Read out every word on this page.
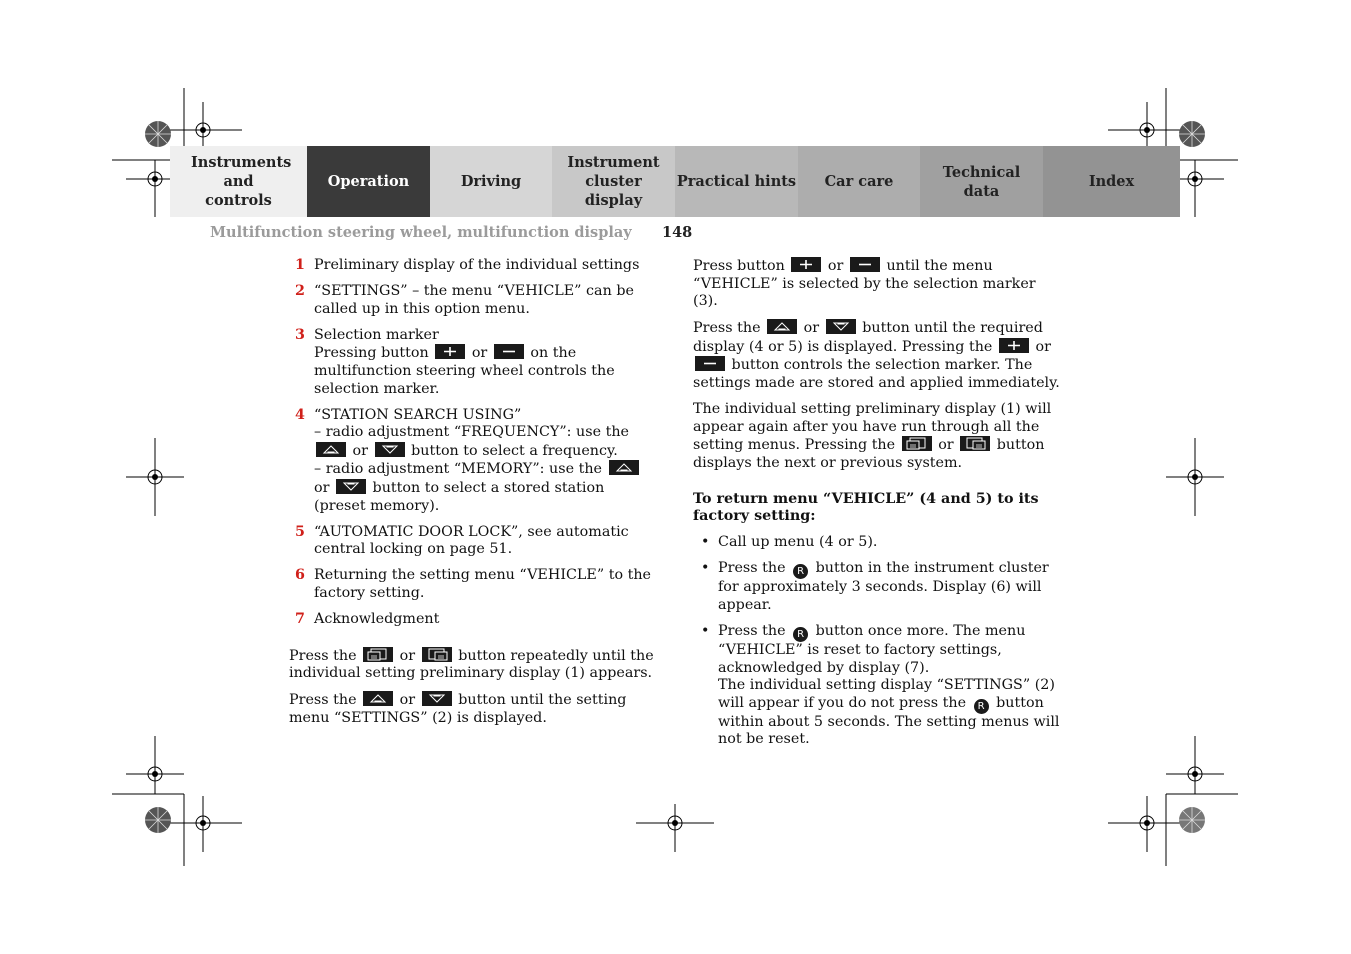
Instruments and controls
Operation	Driving
Instrument cluster display
Practical hints Car care
Technical data
Index
Multifunction steering wheel, multifunction display 148
1 Preliminary display of the individual settings
2 “SETTINGS” – the menu “VEHICLE” can be called up in this option menu.
3 Selection marker
Pressing button	or	on the multifunction steering wheel controls the selection marker.
4 “STATION SEARCH USING”
– radio adjustment “FREQUENCY”: use the
or	button to select a frequency.
– radio adjustment “MEMORY”: use the
or	button to select a stored station (preset memory).
5 “AUTOMATIC DOOR LOCK”, see automatic central locking on page 51.
6 Returning the setting menu “VEHICLE” to the factory setting.
7 Acknowledgment

Press the	or	button repeatedly until the individual setting preliminary display (1) appears.

Press the	or	button until the setting menu “SETTINGS” (2) is displayed.

Press button	or	until the menu “VEHICLE” is selected by the selection marker (3).

Press the	or	button until the required display (4 or 5) is displayed. Pressing the	or
button controls the selection marker. The settings made are stored and applied immediately.

The individual setting preliminary display (1) will appear again after you have run through all the setting menus. Pressing the	or	button displays the next or previous system.

To return menu “VEHICLE” (4 and 5) to its factory setting:

• Call up menu (4 or 5).
• Press the R button in the instrument cluster for approximately 3 seconds. Display (6) will appear.
• Press the R button once more. The menu “VEHICLE” is reset to factory settings, acknowledged by display (7).
The individual setting display “SETTINGS” (2) will appear if you do not press the R button within about 5 seconds. The setting menus will not be reset.
